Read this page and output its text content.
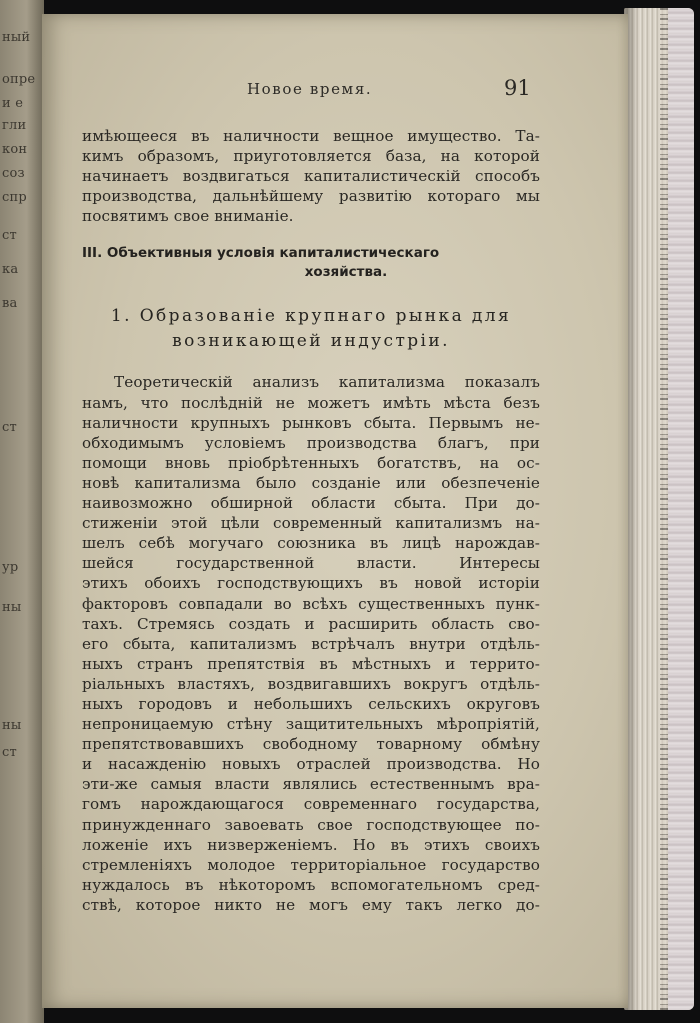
ный
опре
и е
гли
кон
соз
спр
ст
ка
ва
ст
ур
ны
ны
ст
Новое время.	91
имѣющееся въ наличности вещное имущество. Та-
кимъ образомъ, приуготовляется база, на которой
начинаетъ воздвигаться капиталистическій способъ
производства, дальнѣйшему развитію котораго мы
посвятимъ свое вниманіе.
III. Объективныя условія капиталистическаго
хозяйства.
1. Образованіе крупнаго рынка для
возникающей индустріи.
Теоретическій анализъ капитализма показалъ
намъ, что послѣдній не можетъ имѣть мѣста безъ
наличности крупныхъ рынковъ сбыта. Первымъ не-
обходимымъ условіемъ производства благъ, при
помощи вновь пріобрѣтенныхъ богатствъ, на ос-
новѣ капитализма было созданіе или обезпеченіе
наивозможно обширной области сбыта. При до-
стиженіи этой цѣли современный капитализмъ на-
шелъ себѣ могучаго союзника въ лицѣ нарождав-
шейся государственной власти. Интересы
этихъ обоихъ господствующихъ въ новой исторіи
факторовъ совпадали во всѣхъ существенныхъ пунк-
тахъ. Стремясь создать и расширить область сво-
его сбыта, капитализмъ встрѣчалъ внутри отдѣль-
ныхъ странъ препятствія въ мѣстныхъ и террито-
ріальныхъ властяхъ, воздвигавшихъ вокругъ отдѣль-
ныхъ городовъ и небольшихъ сельскихъ округовъ
непроницаемую стѣну защитительныхъ мѣропріятій,
препятствовавшихъ свободному товарному обмѣну
и насажденію новыхъ отраслей производства. Но
эти-же самыя власти являлись естественнымъ вра-
гомъ нарождающагося современнаго государства,
принужденнаго завоевать свое господствующее по-
ложеніе ихъ низверженіемъ. Но въ этихъ своихъ
стремленіяхъ молодое территоріальное государство
нуждалось въ нѣкоторомъ вспомогательномъ сред-
ствѣ, которое никто не могъ ему такъ легко до-
